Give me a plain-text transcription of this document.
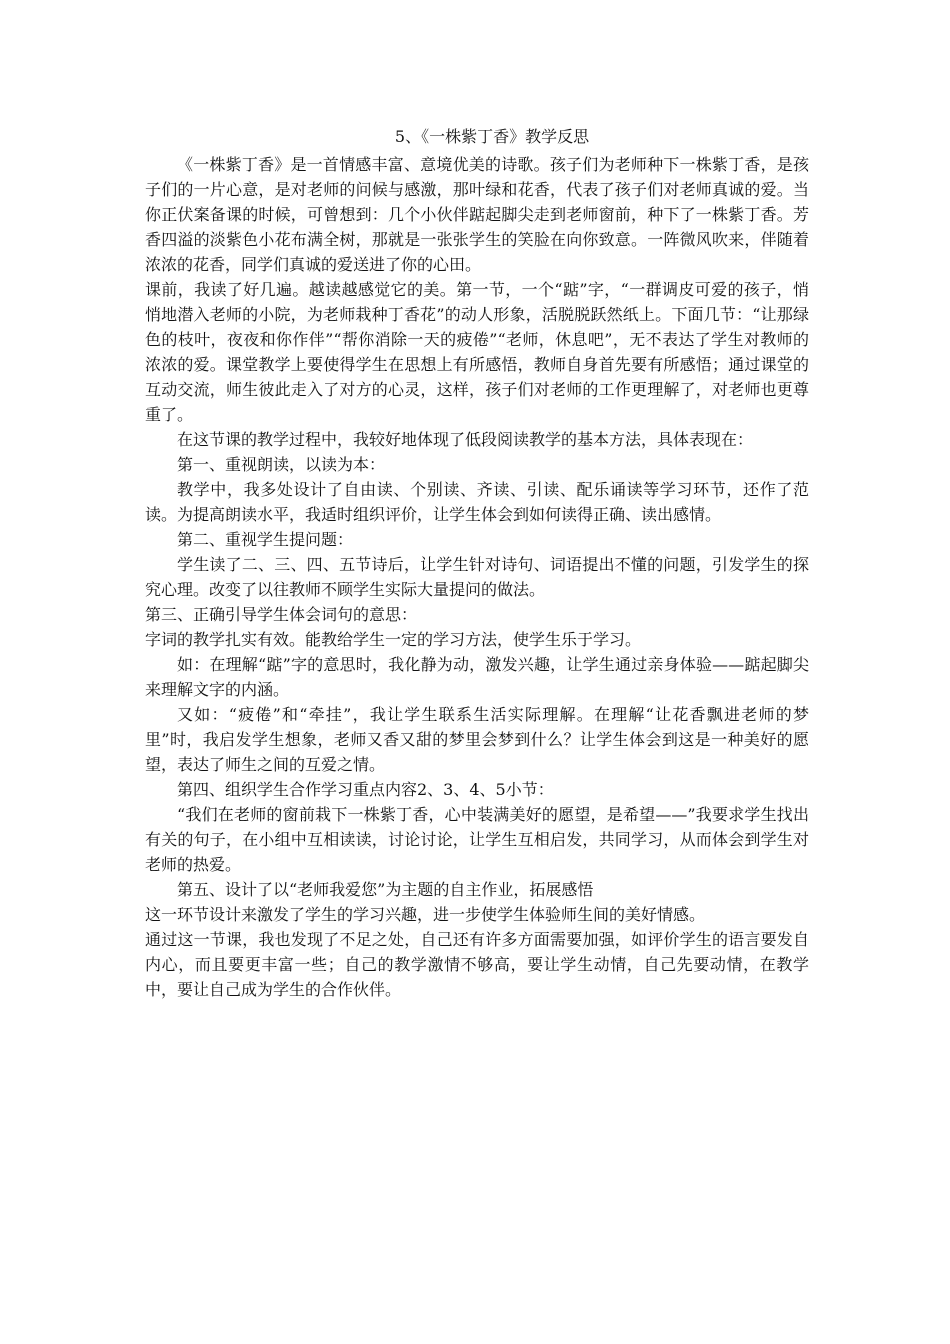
5、《一株紫丁香》教学反思

《一株紫丁香》是一首情感丰富、意境优美的诗歌。孩子们为老师种下一株紫丁香，是孩子们的一片心意，是对老师的问候与感激，那叶绿和花香，代表了孩子们对老师真诚的爱。当你正伏案备课的时候，可曾想到：几个小伙伴踮起脚尖走到老师窗前，种下了一株紫丁香。芳香四溢的淡紫色小花布满全树，那就是一张张学生的笑脸在向你致意。一阵微风吹来，伴随着浓浓的花香，同学们真诚的爱送进了你的心田。

课前，我读了好几遍。越读越感觉它的美。第一节，一个“踮”字，“一群调皮可爱的孩子，悄悄地潜入老师的小院，为老师栽种丁香花”的动人形象，活脱脱跃然纸上。下面几节：“让那绿色的枝叶，夜夜和你作伴”“帮你消除一天的疲倦”“老师，休息吧”，无不表达了学生对教师的浓浓的爱。课堂教学上要使得学生在思想上有所感悟，教师自身首先要有所感悟；通过课堂的互动交流，师生彼此走入了对方的心灵，这样，孩子们对老师的工作更理解了，对老师也更尊重了。

在这节课的教学过程中，我较好地体现了低段阅读教学的基本方法，具体表现在：

第一、重视朗读，以读为本：

教学中，我多处设计了自由读、个别读、齐读、引读、配乐诵读等学习环节，还作了范读。为提高朗读水平，我适时组织评价，让学生体会到如何读得正确、读出感情。

第二、重视学生提问题：

学生读了二、三、四、五节诗后，让学生针对诗句、词语提出不懂的问题，引发学生的探究心理。改变了以往教师不顾学生实际大量提问的做法。

第三、正确引导学生体会词句的意思：

字词的教学扎实有效。能教给学生一定的学习方法，使学生乐于学习。

如：在理解“踮”字的意思时，我化静为动，激发兴趣，让学生通过亲身体验——踮起脚尖来理解文字的内涵。

又如：“疲倦”和“牵挂”，我让学生联系生活实际理解。在理解“让花香飘进老师的梦里”时，我启发学生想象，老师又香又甜的梦里会梦到什么？让学生体会到这是一种美好的愿望，表达了师生之间的互爱之情。

第四、组织学生合作学习重点内容2、3、4、5小节：

“我们在老师的窗前栽下一株紫丁香，心中装满美好的愿望，是希望——”我要求学生找出有关的句子，在小组中互相读读，讨论讨论，让学生互相启发，共同学习，从而体会到学生对老师的热爱。

第五、设计了以“老师我爱您”为主题的自主作业，拓展感悟

这一环节设计来激发了学生的学习兴趣，进一步使学生体验师生间的美好情感。

通过这一节课，我也发现了不足之处，自己还有许多方面需要加强，如评价学生的语言要发自内心，而且要更丰富一些；自己的教学激情不够高，要让学生动情，自己先要动情，在教学中，要让自己成为学生的合作伙伴。
